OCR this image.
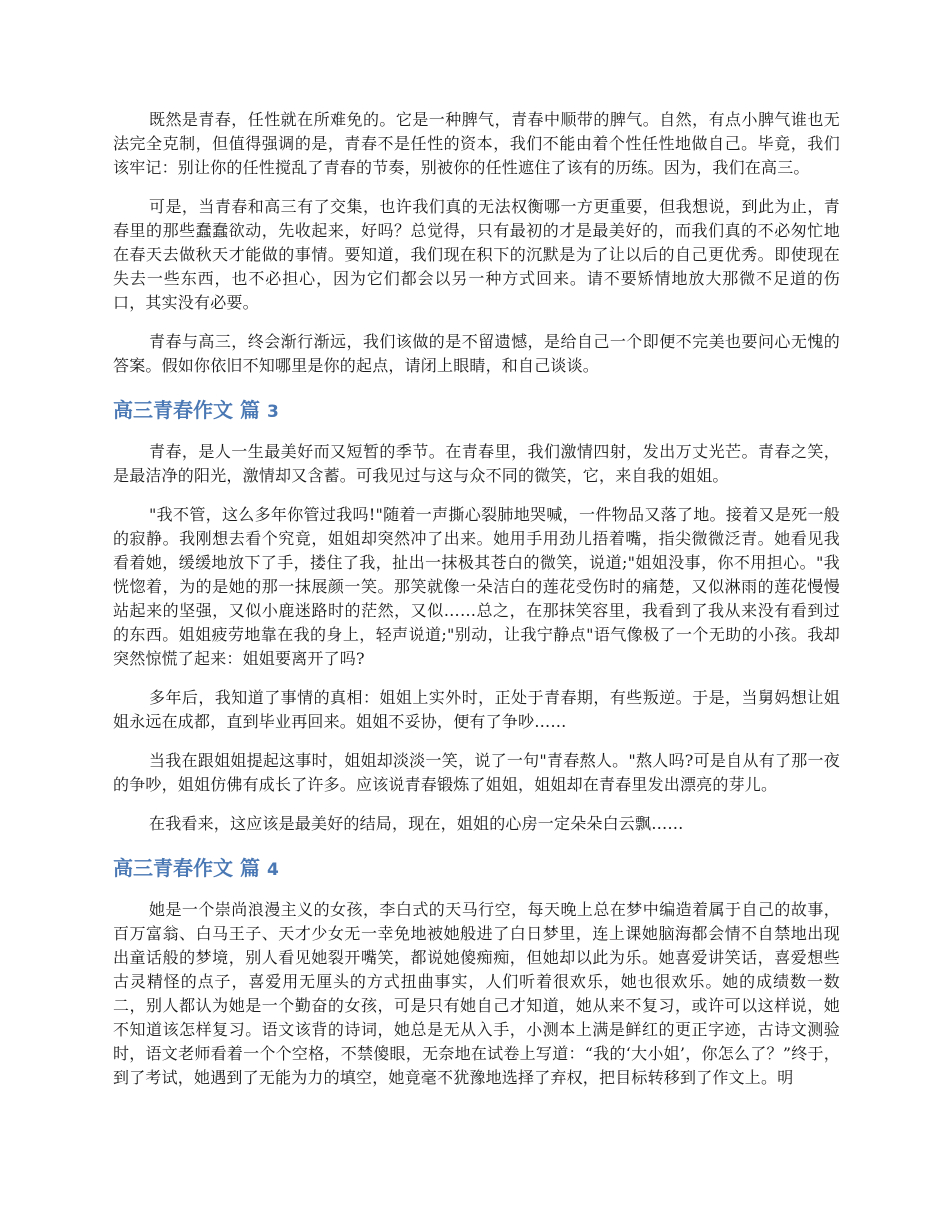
既然是青春，任性就在所难免的。它是一种脾气，青春中顺带的脾气。自然，有点小脾气谁也无法完全克制，但值得强调的是，青春不是任性的资本，我们不能由着个性任性地做自己。毕竟，我们该牢记：别让你的任性搅乱了青春的节奏，别被你的任性遮住了该有的历练。因为，我们在高三。

可是，当青春和高三有了交集，也许我们真的无法权衡哪一方更重要，但我想说，到此为止，青春里的那些蠢蠢欲动，先收起来，好吗？总觉得，只有最初的才是最美好的，而我们真的不必匆忙地在春天去做秋天才能做的事情。要知道，我们现在积下的沉默是为了让以后的自己更优秀。即使现在失去一些东西，也不必担心，因为它们都会以另一种方式回来。请不要矫情地放大那微不足道的伤口，其实没有必要。

青春与高三，终会渐行渐远，我们该做的是不留遗憾，是给自己一个即便不完美也要问心无愧的答案。假如你依旧不知哪里是你的起点，请闭上眼睛，和自己谈谈。

高三青春作文 篇 3

青春，是人一生最美好而又短暂的季节。在青春里，我们激情四射，发出万丈光芒。青春之笑，是最洁净的阳光，激情却又含蓄。可我见过与这与众不同的微笑，它，来自我的姐姐。

"我不管，这么多年你管过我吗!"随着一声撕心裂肺地哭喊，一件物品又落了地。接着又是死一般的寂静。我刚想去看个究竟，姐姐却突然冲了出来。她用手用劲儿捂着嘴，指尖微微泛青。她看见我看着她，缓缓地放下了手，搂住了我，扯出一抹极其苍白的微笑，说道;"姐姐没事，你不用担心。"我恍惚着，为的是她的那一抹展颜一笑。那笑就像一朵洁白的莲花受伤时的痛楚，又似淋雨的莲花慢慢站起来的坚强，又似小鹿迷路时的茫然，又似……总之，在那抹笑容里，我看到了我从来没有看到过的东西。姐姐疲劳地靠在我的身上，轻声说道;"别动，让我宁静点"语气像极了一个无助的小孩。我却突然惊慌了起来：姐姐要离开了吗?

多年后，我知道了事情的真相：姐姐上实外时，正处于青春期，有些叛逆。于是，当舅妈想让姐姐永远在成都，直到毕业再回来。姐姐不妥协，便有了争吵……

当我在跟姐姐提起这事时，姐姐却淡淡一笑，说了一句"青春熬人。"熬人吗?可是自从有了那一夜的争吵，姐姐仿佛有成长了许多。应该说青春锻炼了姐姐，姐姐却在青春里发出漂亮的芽儿。

在我看来，这应该是最美好的结局，现在，姐姐的心房一定朵朵白云飘……

高三青春作文 篇 4

她是一个崇尚浪漫主义的女孩，李白式的天马行空，每天晚上总在梦中编造着属于自己的故事，百万富翁、白马王子、天才少女无一幸免地被她般进了白日梦里，连上课她脑海都会情不自禁地出现出童话般的梦境，别人看见她裂开嘴笑，都说她傻痴痴，但她却以此为乐。她喜爱讲笑话，喜爱想些古灵精怪的点子，喜爱用无厘头的方式扭曲事实，人们听着很欢乐，她也很欢乐。她的成绩数一数二，别人都认为她是一个勤奋的女孩，可是只有她自己才知道，她从来不复习，或许可以这样说，她不知道该怎样复习。语文该背的诗词，她总是无从入手，小测本上满是鲜红的更正字迹，古诗文测验时，语文老师看着一个个空格，不禁傻眼，无奈地在试卷上写道：“我的‘大小姐’，你怎么了？”终于，到了考试，她遇到了无能为力的填空，她竟毫不犹豫地选择了弃权，把目标转移到了作文上。明
